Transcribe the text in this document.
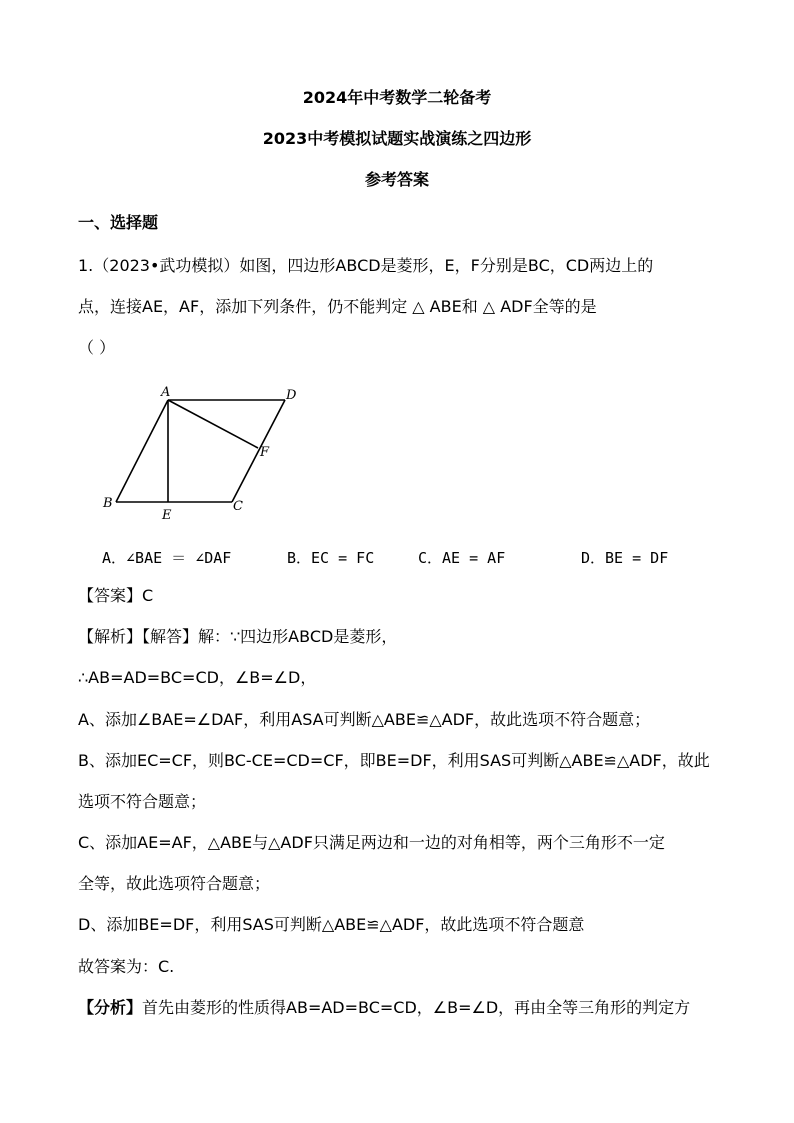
2024年中考数学二轮备考
2023中考模拟试题实战演练之四边形
参考答案
一、选择题
1.（2023•武功模拟）如图，四边形ABCD是菱形，E，F分别是BC，CD两边上的
点，连接AE，AF，添加下列条件，仍不能判定 △ ABE和 △ ADF全等的是
（ ）
A	D
F
B
E
C
A．∠BAE ＝ ∠DAF	B．EC = FC	C．AE = AF	D．BE = DF
【答案】C
【解析】【解答】解：∵四边形ABCD是菱形，
∴AB=AD=BC=CD，∠B=∠D，
A、添加∠BAE=∠DAF，利用ASA可判断△ABE≌△ADF，故此选项不符合题意；
B、添加EC=CF，则BC-CE=CD=CF，即BE=DF，利用SAS可判断△ABE≌△ADF，故此
选项不符合题意；
C、添加AE=AF，△ABE与△ADF只满足两边和一边的对角相等，两个三角形不一定
全等，故此选项符合题意；
D、添加BE=DF，利用SAS可判断△ABE≌△ADF，故此选项不符合题意
故答案为：C.
【分析】首先由菱形的性质得AB=AD=BC=CD，∠B=∠D，再由全等三角形的判定方
